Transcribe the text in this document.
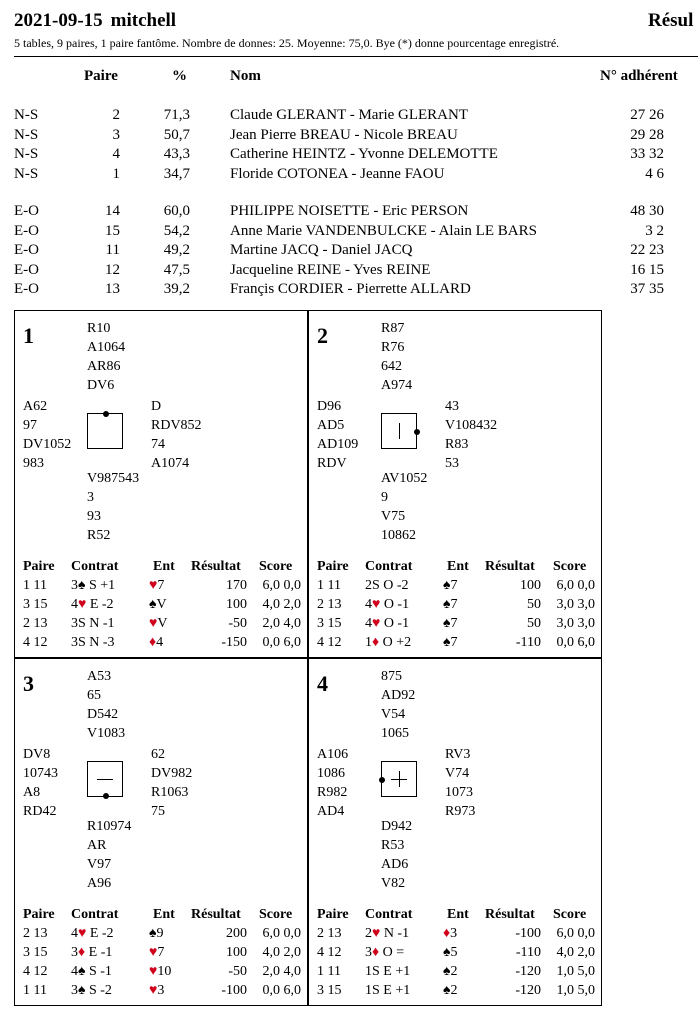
2021-09-15 mitchell	Résul
5 tables, 9 paires, 1 paire fantôme. Nombre de donnes: 25. Moyenne: 75,0. Bye (*) donne pourcentage enregistré.
Paire	%	Nom	N° adhérent
N-S	2	71,3	Claude GLERANT - Marie GLERANT	27 26
N-S	3	50,7	Jean Pierre BREAU - Nicole BREAU	29 28
N-S	4	43,3	Catherine HEINTZ - Yvonne DELEMOTTE	33 32
N-S	1	34,7	Floride COTONEA - Jeanne FAOU	4 6
E-O	14	60,0	PHILIPPE NOISETTE - Eric PERSON	48 30
E-O	15	54,2	Anne Marie VANDENBULCKE - Alain LE BARS	3 2
E-O	11	49,2	Martine JACQ - Daniel JACQ	22 23
E-O	12	47,5	Jacqueline REINE - Yves REINE	16 15
E-O	13	39,2	Françis CORDIER - Pierrette ALLARD	37 35
1	R10
A1064
AR86
DV6
A62
97
DV1052
983
D
RDV852
74
A1074
V987543
3
93
R52
Paire Contrat Ent Résultat Score
1 11	3♠ S +1	♥7	170	6,0 0,0
3 15	4♥ E -2	♠V	100	4,0 2,0
2 13	3S N -1	♥V	-50	2,0 4,0
4 12	3S N -3	♦4	-150	0,0 6,0
2	R87
R76
642
A974
D96
AD5
AD109
RDV
43
V108432
R83
53
AV1052
9
V75
10862
Paire Contrat Ent Résultat Score
1 11	2S O -2	♠7	100	6,0 0,0
2 13	4♥ O -1	♠7	50	3,0 3,0
3 15	4♥ O -1	♠7	50	3,0 3,0
4 12	1♦ O +2	♠7	-110	0,0 6,0
3	A53
65
D542
V1083
DV8
10743
A8
RD42
62
DV982
R1063
75
R10974
AR
V97
A96
Paire Contrat Ent Résultat Score
2 13	4♥ E -2	♠9	200	6,0 0,0
3 15	3♦ E -1	♥7	100	4,0 2,0
4 12	4♠ S -1	♥10	-50	2,0 4,0
1 11	3♠ S -2	♥3	-100	0,0 6,0
4	875
AD92
V54
1065
A106
1086
R982
AD4
RV3
V74
1073
R973
D942
R53
AD6
V82
Paire Contrat Ent Résultat Score
2 13	2♥ N -1	♦3	-100	6,0 0,0
4 12	3♦ O =	♠5	-110	4,0 2,0
1 11	1S E +1	♠2	-120	1,0 5,0
3 15	1S E +1	♠2	-120	1,0 5,0
